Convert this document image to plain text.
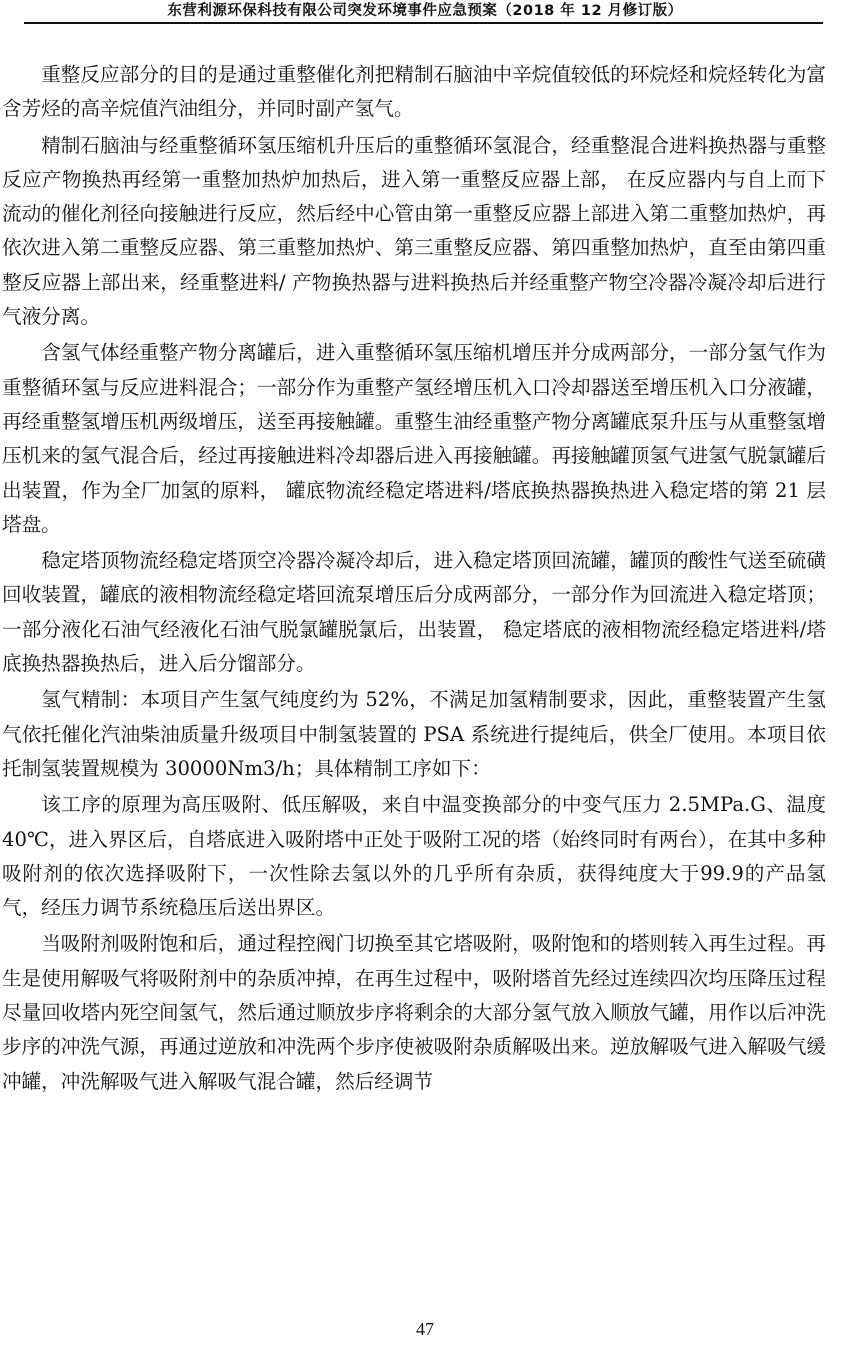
东营利源环保科技有限公司突发环境事件应急预案（2018 年 12 月修订版）

重整反应部分的目的是通过重整催化剂把精制石脑油中辛烷值较低的环烷烃和烷烃转化为富含芳烃的高辛烷值汽油组分，并同时副产氢气。

精制石脑油与经重整循环氢压缩机升压后的重整循环氢混合，经重整混合进料换热器与重整反应产物换热再经第一重整加热炉加热后，进入第一重整反应器上部， 在反应器内与自上而下流动的催化剂径向接触进行反应，然后经中心管由第一重整反应器上部进入第二重整加热炉，再依次进入第二重整反应器、第三重整加热炉、第三重整反应器、第四重整加热炉，直至由第四重整反应器上部出来，经重整进料/ 产物换热器与进料换热后并经重整产物空冷器冷凝冷却后进行气液分离。

含氢气体经重整产物分离罐后，进入重整循环氢压缩机增压并分成两部分，一部分氢气作为重整循环氢与反应进料混合；一部分作为重整产氢经增压机入口冷却器送至增压机入口分液罐，再经重整氢增压机两级增压，送至再接触罐。重整生油经重整产物分离罐底泵升压与从重整氢增压机来的氢气混合后，经过再接触进料冷却器后进入再接触罐。再接触罐顶氢气进氢气脱氯罐后出装置，作为全厂加氢的原料， 罐底物流经稳定塔进料/塔底换热器换热进入稳定塔的第 21 层塔盘。

稳定塔顶物流经稳定塔顶空冷器冷凝冷却后，进入稳定塔顶回流罐，罐顶的酸性气送至硫磺回收装置，罐底的液相物流经稳定塔回流泵增压后分成两部分，一部分作为回流进入稳定塔顶；一部分液化石油气经液化石油气脱氯罐脱氯后，出装置， 稳定塔底的液相物流经稳定塔进料/塔底换热器换热后，进入后分馏部分。

氢气精制：本项目产生氢气纯度约为 52%，不满足加氢精制要求，因此，重整装置产生氢气依托催化汽油柴油质量升级项目中制氢装置的 PSA 系统进行提纯后，供全厂使用。本项目依托制氢装置规模为 30000Nm3/h；具体精制工序如下：

该工序的原理为高压吸附、低压解吸，来自中温变换部分的中变气压力 2.5MPa.G、温度 40℃，进入界区后，自塔底进入吸附塔中正处于吸附工况的塔（始终同时有两台），在其中多种吸附剂的依次选择吸附下，一次性除去氢以外的几乎所有杂质，获得纯度大于99.9的产品氢气，经压力调节系统稳压后送出界区。

当吸附剂吸附饱和后，通过程控阀门切换至其它塔吸附，吸附饱和的塔则转入再生过程。再生是使用解吸气将吸附剂中的杂质冲掉，在再生过程中，吸附塔首先经过连续四次均压降压过程尽量回收塔内死空间氢气，然后通过顺放步序将剩余的大部分氢气放入顺放气罐，用作以后冲洗步序的冲洗气源，再通过逆放和冲洗两个步序使被吸附杂质解吸出来。逆放解吸气进入解吸气缓冲罐，冲洗解吸气进入解吸气混合罐，然后经调节

47
